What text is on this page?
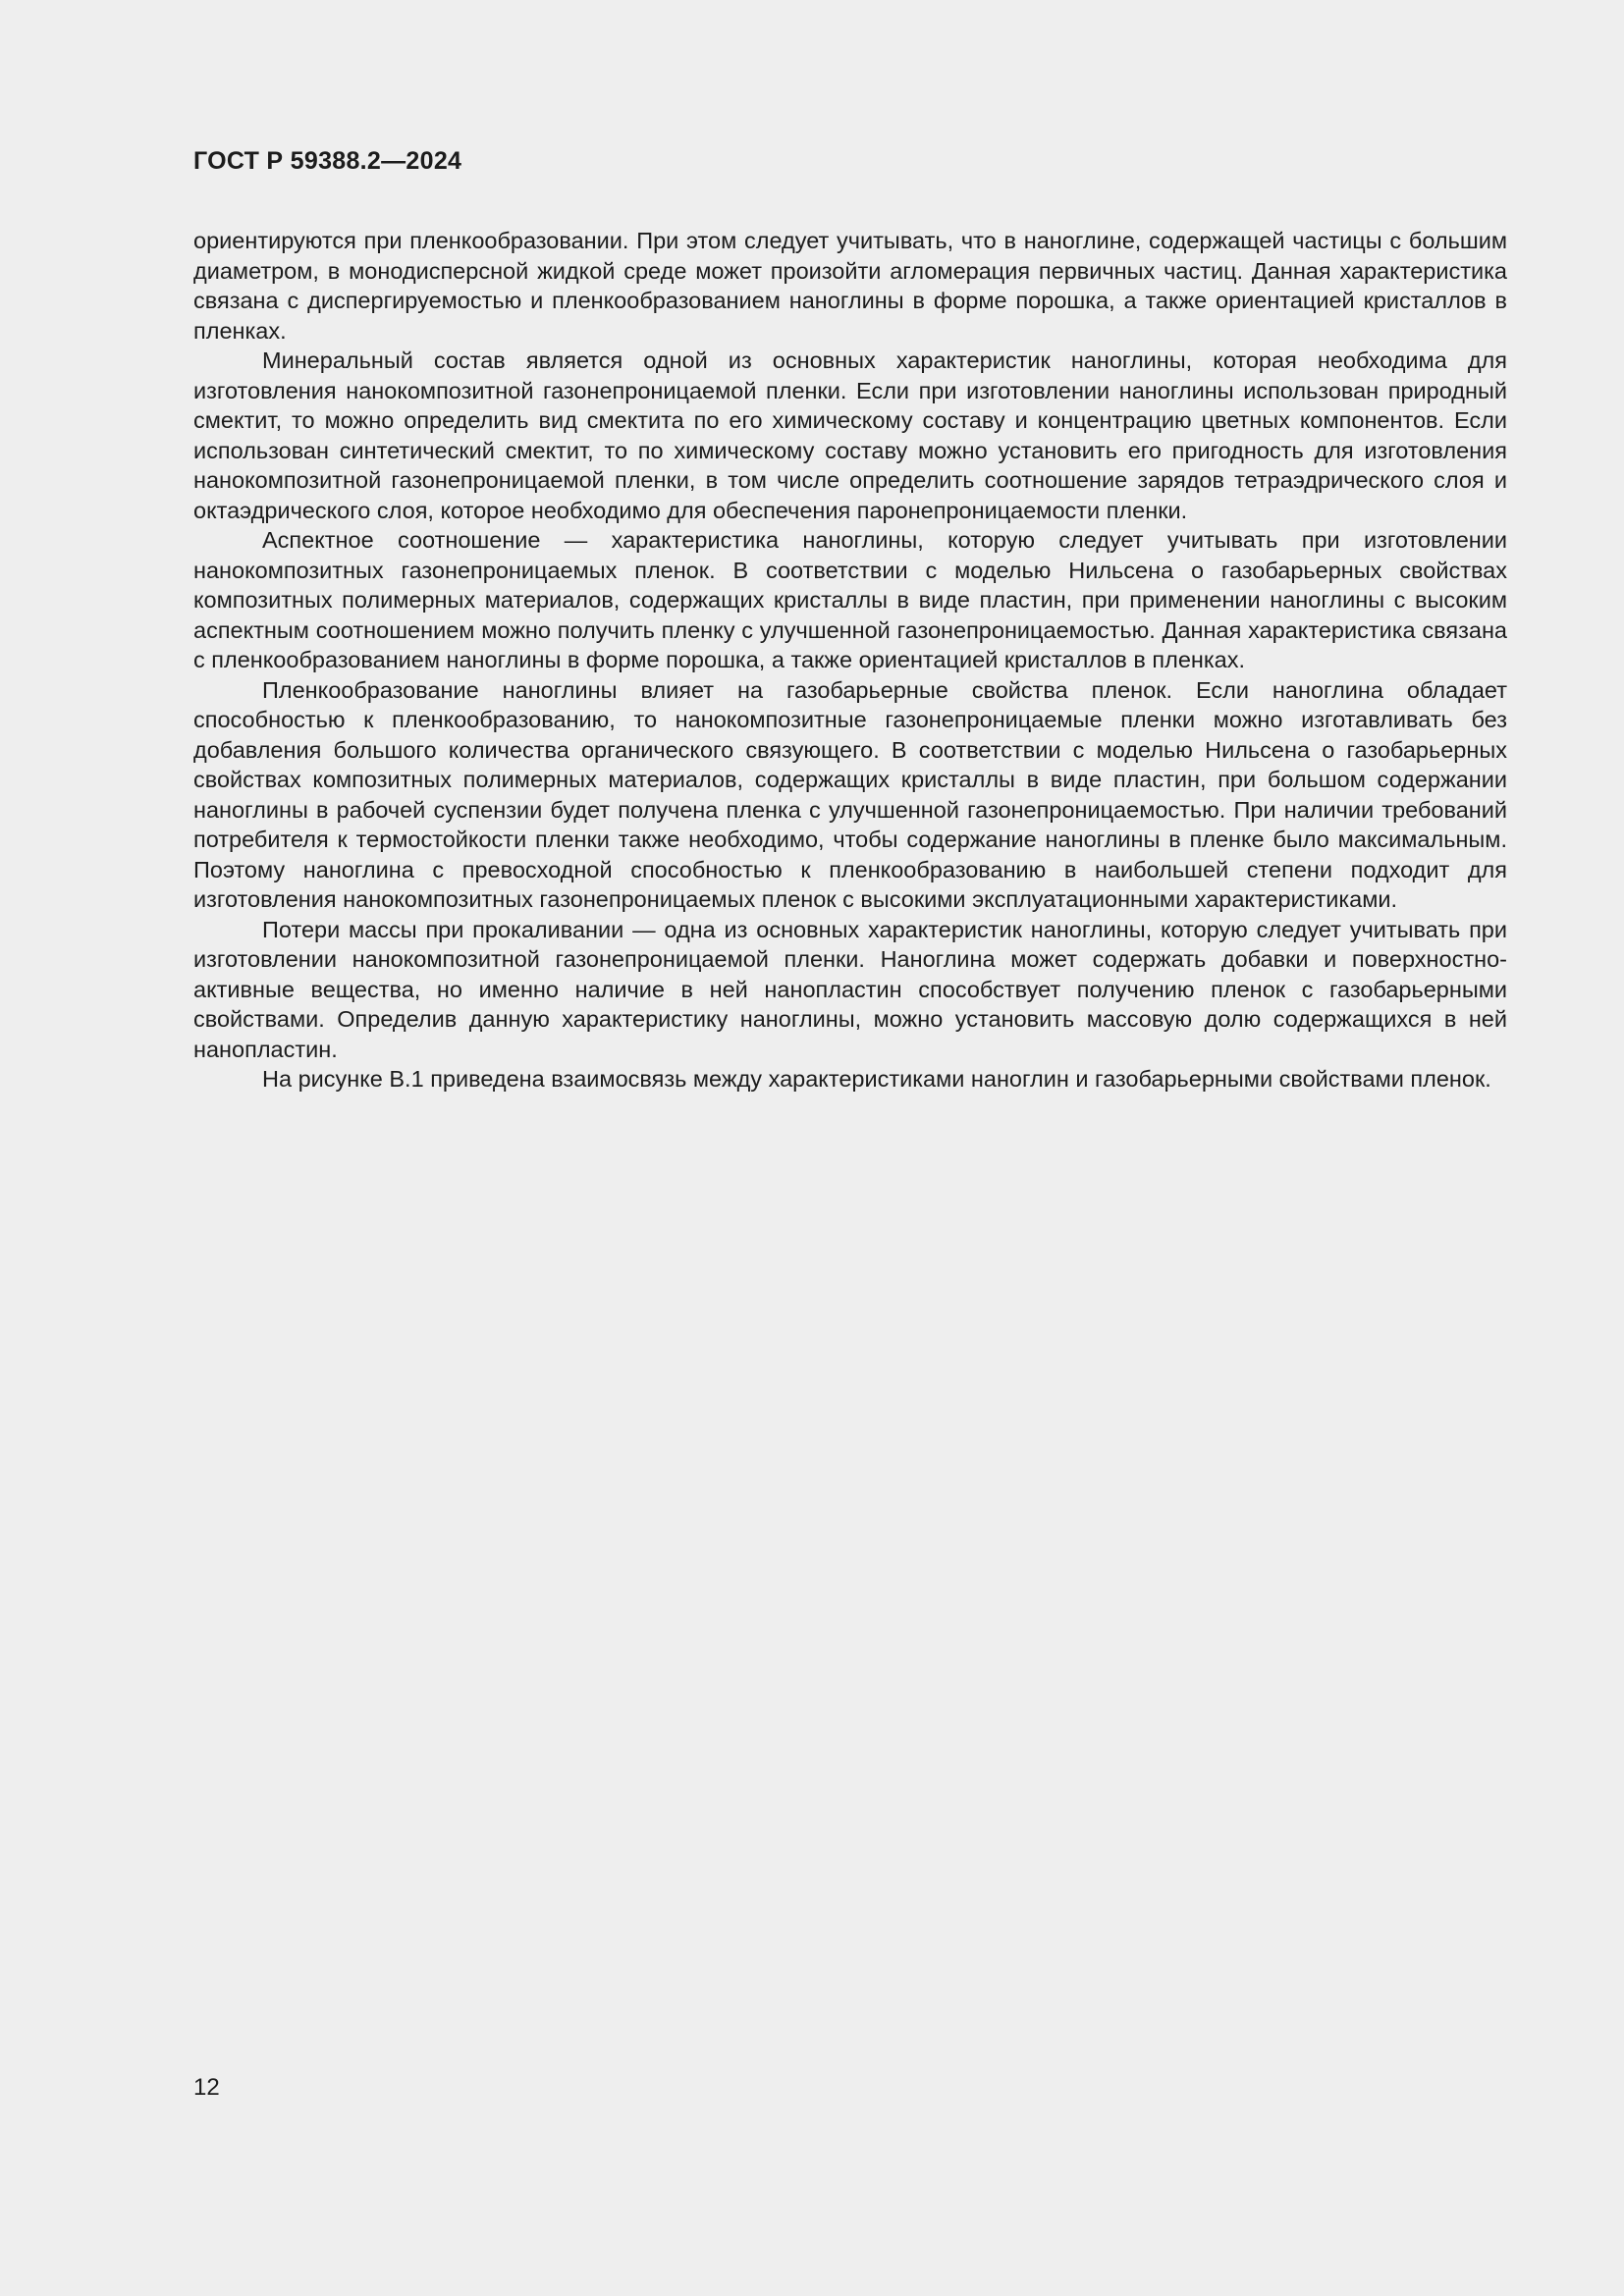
ГОСТ Р 59388.2—2024

ориентируются при пленкообразовании. При этом следует учитывать, что в наноглине, содержащей частицы с большим диаметром, в монодисперсной жидкой среде может произойти агломерация первичных частиц. Данная характеристика связана с диспергируемостью и пленкообразованием наноглины в форме порошка, а также ориентацией кристаллов в пленках.

Минеральный состав является одной из основных характеристик наноглины, которая необходима для изготовления нанокомпозитной газонепроницаемой пленки. Если при изготовлении наноглины использован природный смектит, то можно определить вид смектита по его химическому составу и концентрацию цветных компонентов. Если использован синтетический смектит, то по химическому составу можно установить его пригодность для изготовления нанокомпозитной газонепроницаемой пленки, в том числе определить соотношение зарядов тетраэдрического слоя и октаэдрического слоя, которое необходимо для обеспечения паронепроницаемости пленки.

Аспектное соотношение — характеристика наноглины, которую следует учитывать при изготовлении нанокомпозитных газонепроницаемых пленок. В соответствии с моделью Нильсена о газобарьерных свойствах композитных полимерных материалов, содержащих кристаллы в виде пластин, при применении наноглины с высоким аспектным соотношением можно получить пленку с улучшенной газонепроницаемостью. Данная характеристика связана с пленкообразованием наноглины в форме порошка, а также ориентацией кристаллов в пленках.

Пленкообразование наноглины влияет на газобарьерные свойства пленок. Если наноглина обладает способностью к пленкообразованию, то нанокомпозитные газонепроницаемые пленки можно изготавливать без добавления большого количества органического связующего. В соответствии с моделью Нильсена о газобарьерных свойствах композитных полимерных материалов, содержащих кристаллы в виде пластин, при большом содержании наноглины в рабочей суспензии будет получена пленка с улучшенной газонепроницаемостью. При наличии требований потребителя к термостойкости пленки также необходимо, чтобы содержание наноглины в пленке было максимальным. Поэтому наноглина с превосходной способностью к пленкообразованию в наибольшей степени подходит для изготовления нанокомпозитных газонепроницаемых пленок с высокими эксплуатационными характеристиками.

Потери массы при прокаливании — одна из основных характеристик наноглины, которую следует учитывать при изготовлении нанокомпозитной газонепроницаемой пленки. Наноглина может содержать добавки и поверхностно-активные вещества, но именно наличие в ней нанопластин способствует получению пленок с газобарьерными свойствами. Определив данную характеристику наноглины, можно установить массовую долю содержащихся в ней нанопластин.

На рисунке В.1 приведена взаимосвязь между характеристиками наноглин и газобарьерными свойствами пленок.

12
